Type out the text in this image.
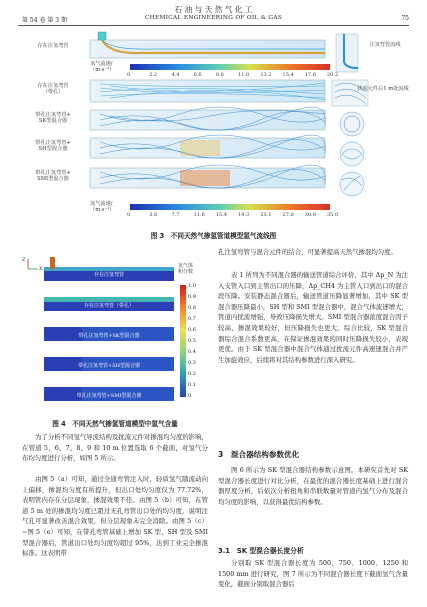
石 油 与 天 然 气 化 工
CHEMICAL ENGINEERING OF OIL & GAS
第 54 卷 第 3 期	75
存在注氢弯管
存在注氢弯管
（带孔）
带孔注氢弯管+
SK型混合器
带孔注氢弯管+
SH型混合器
带孔注氢弯管+
SMI型混合器
氢气流速/
（m·s⁻¹）
0	2.2	4.4	6.6	8.8	11.0 13.2 15.4 17.6 20.2
氢气流速/
（m·s⁻¹）
0	3.8	7.7	11.6 15.4 19.3 23.1 27.0 30.8 35.0
注氢弯管流线
扰流元件后1 m处流线
图 3　不同天然气掺氢管道模型氢气流线图
Z
X	氢气体
积分数
1.0
0.9
0.8
0.7
0.6
0.5
0.4
0.3
0.2
0.1
0
存在注氢弯管
存在注氢弯管（带孔）
带孔注氢弯管+SK型混合器
带孔注氢弯管+SH型混合器
带孔注氢弯管+SMI型混合器
图 4　不同天然气掺氢管道模型中氢气含量
为了分析不同氢气导流结构及扰流元件对掺混均匀度的影响，在管道 5、6、7、8、9 和 10 m 位置选取 6 个截面，对氢气分布均匀度进行分析，如图 5 所示。
由图 5（a）可知，通过全通弯管注入时，轻质氢气随流动向上偏移，掺混均匀度有所提升，但出口处均匀度仅为 77.72%，表明管内存在分层现象，掺混效果不佳。由图 5（b）可知，在管道 5 m 处的掺混均匀度已超过无孔弯管出口处的均匀度，说明注气孔可显著改善混合效果，但分层现象未完全消除。由图 5（c）~图 5（e）可知，在带孔弯管基础上增加 SK 型、SH 型及 SMI 型混合器后，管道出口处均匀度均超过 95%，达到工业完全掺混标准。这表明带
孔注氢弯管与混合元件的结合，可显著提高天然气掺混均匀度。
表 1 所列为不同混合器的输送管道综合评价，其中 Δp_N 为注入支管入口到主管出口的压降，Δp_CH4 为主管入口到出口的混合段压降。安装静态混合器后，输送管道压降显著增加，其中 SK 型混合器压降最小，SH 型和 SMI 型混合器中，混合气体流速增大，管道内扰流增强，导致压降损失增大。SMI 型混合器浓度混合因子较高，掺混效果较好，但压降损失也更大。综合比较，SK 型混合器综合混合系数更高，在保证掺混效果的同时压降损失较小，表现更优。由于 SK 型混合器中混合气体通过扰流元件高速速混合并产生加旋效应，后续将对其结构参数进行深入研究。
3　混合器结构参数优化
图 6 所示为 SK 型混合器结构参数示意图。本研究首先对 SK 型混合器长度进行对比分析，在最优的混合器长度基础上进行混合器厚度分析，后依次分析扭角和串联数量对管道内氢气分布及混合均匀度的影响，以获得最优结构参数。
3.1　SK 型混合器长度分析
分别取 SK 型混合器长度为 500、750、1000、1250 和 1500 mm 进行研究，图 7 所示为不同混合器长度下截面氢气含量变化，截面分别取混合器后
